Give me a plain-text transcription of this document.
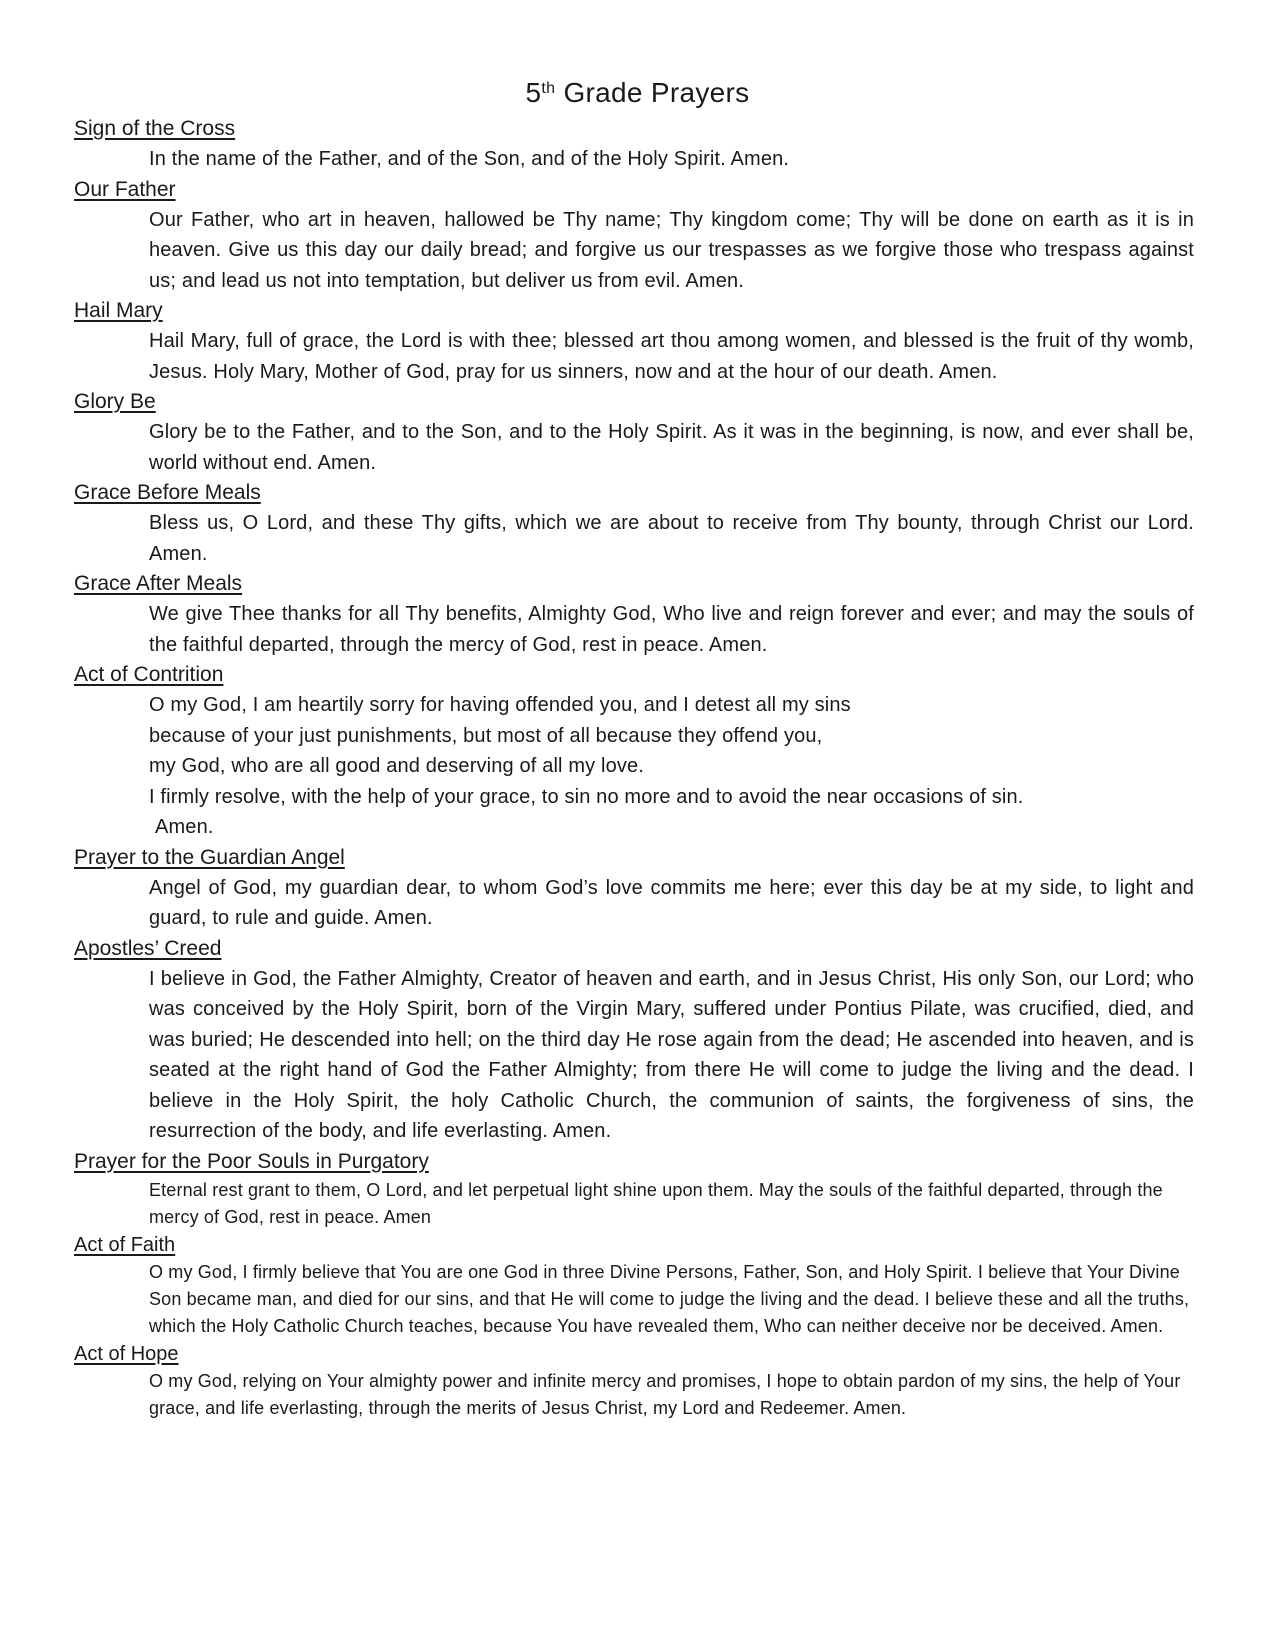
5th Grade Prayers
Sign of the Cross

In the name of the Father, and of the Son, and of the Holy Spirit. Amen.

Our Father

Our Father, who art in heaven, hallowed be Thy name; Thy kingdom come; Thy will be done on earth as it is in heaven. Give us this day our daily bread; and forgive us our trespasses as we forgive those who trespass against us; and lead us not into temptation, but deliver us from evil. Amen.

Hail Mary

Hail Mary, full of grace, the Lord is with thee; blessed art thou among women, and blessed is the fruit of thy womb, Jesus. Holy Mary, Mother of God, pray for us sinners, now and at the hour of our death. Amen.

Glory Be

Glory be to the Father, and to the Son, and to the Holy Spirit. As it was in the beginning, is now, and ever shall be, world without end. Amen.

Grace Before Meals

Bless us, O Lord, and these Thy gifts, which we are about to receive from Thy bounty, through Christ our Lord. Amen.

Grace After Meals

We give Thee thanks for all Thy benefits, Almighty God, Who live and reign forever and ever; and may the souls of the faithful departed, through the mercy of God, rest in peace. Amen.

Act of Contrition

O my God, I am heartily sorry for having offended you, and I detest all my sins
because of your just punishments, but most of all because they offend you,
my God, who are all good and deserving of all my love.
I firmly resolve, with the help of your grace, to sin no more and to avoid the near occasions of sin.
Amen.

Prayer to the Guardian Angel

Angel of God, my guardian dear, to whom God’s love commits me here; ever this day be at my side, to light and guard, to rule and guide. Amen.

Apostles’ Creed

I believe in God, the Father Almighty, Creator of heaven and earth, and in Jesus Christ, His only Son, our Lord; who was conceived by the Holy Spirit, born of the Virgin Mary, suffered under Pontius Pilate, was crucified, died, and was buried; He descended into hell; on the third day He rose again from the dead; He ascended into heaven, and is seated at the right hand of God the Father Almighty; from there He will come to judge the living and the dead. I believe in the Holy Spirit, the holy Catholic Church, the communion of saints, the forgiveness of sins, the resurrection of the body, and life everlasting. Amen.

Prayer for the Poor Souls in Purgatory

Eternal rest grant to them, O Lord, and let perpetual light shine upon them. May the souls of the faithful departed, through the mercy of God, rest in peace. Amen

Act of Faith

O my God, I firmly believe that You are one God in three Divine Persons, Father, Son, and Holy Spirit. I believe that Your Divine Son became man, and died for our sins, and that He will come to judge the living and the dead. I believe these and all the truths, which the Holy Catholic Church teaches, because You have revealed them, Who can neither deceive nor be deceived. Amen.

Act of Hope

O my God, relying on Your almighty power and infinite mercy and promises, I hope to obtain pardon of my sins, the help of Your grace, and life everlasting, through the merits of Jesus Christ, my Lord and Redeemer. Amen.
